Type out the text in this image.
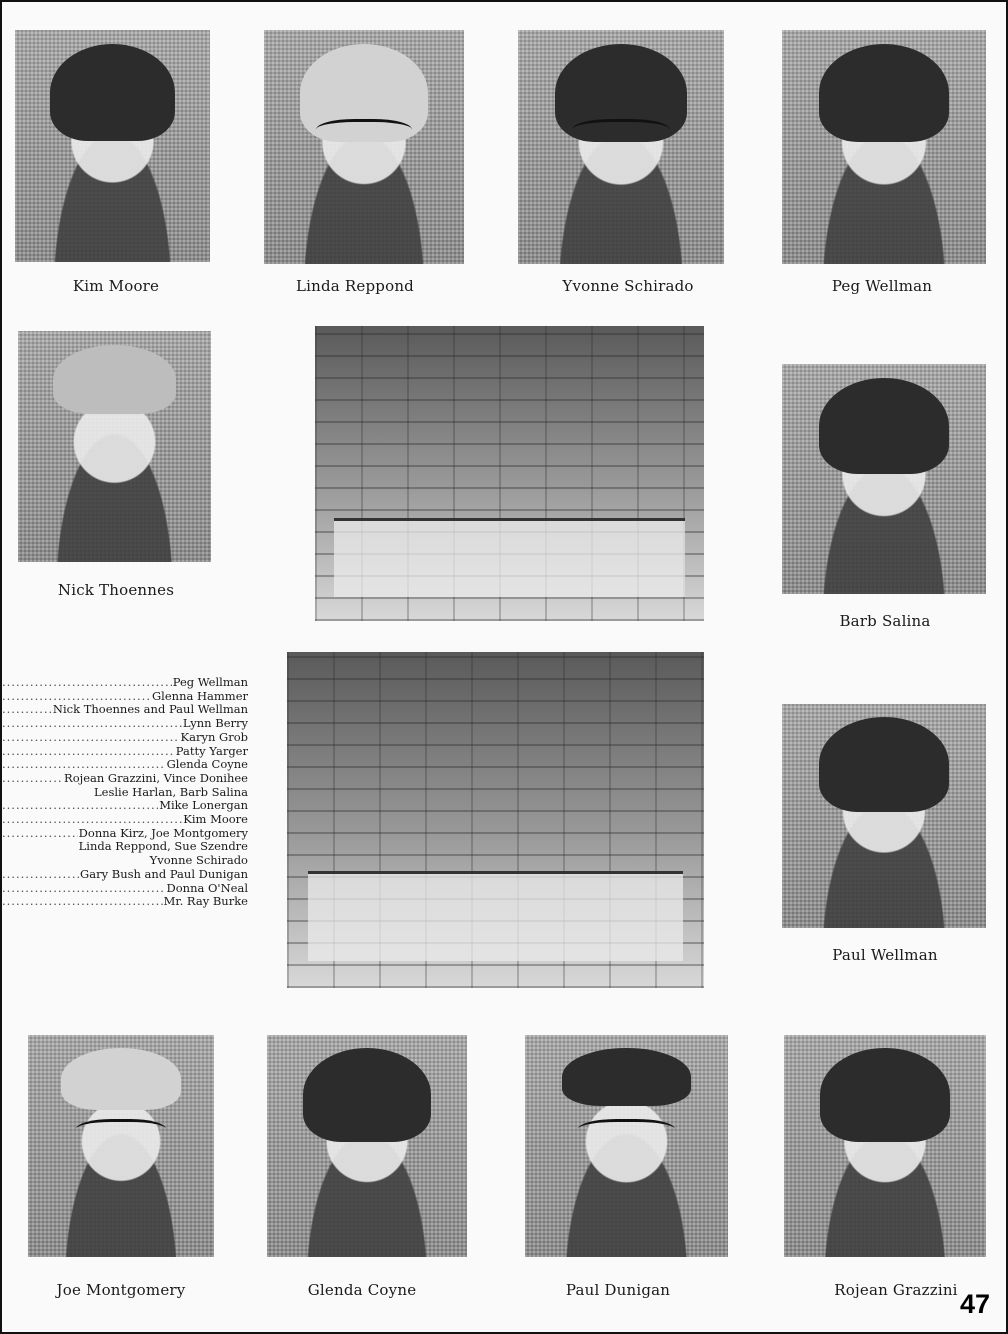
Kim Moore	Linda Reppond	Yvonne Schirado	Peg Wellman
Nick Thoennes
Barb Salina
.....
Peg Wellman
.....
Glenna Hammer
.....
Nick Thoennes and Paul Wellman
.....
Lynn Berry
.....
Karyn Grob
.....
Patty Yarger
.....
Glenda Coyne
.....
Rojean Grazzini, Vince Donihee
Leslie Harlan, Barb Salina
.....
Mike Lonergan
.....
Kim Moore
.....
Donna Kirz, Joe Montgomery
Linda Reppond, Sue Szendre
Yvonne Schirado
.....
Gary Bush and Paul Dunigan
.....
Donna O'Neal
.....
Mr. Ray Burke
Paul Wellman
Joe Montgomery	Glenda Coyne	Paul Dunigan	Rojean Grazzini 47
